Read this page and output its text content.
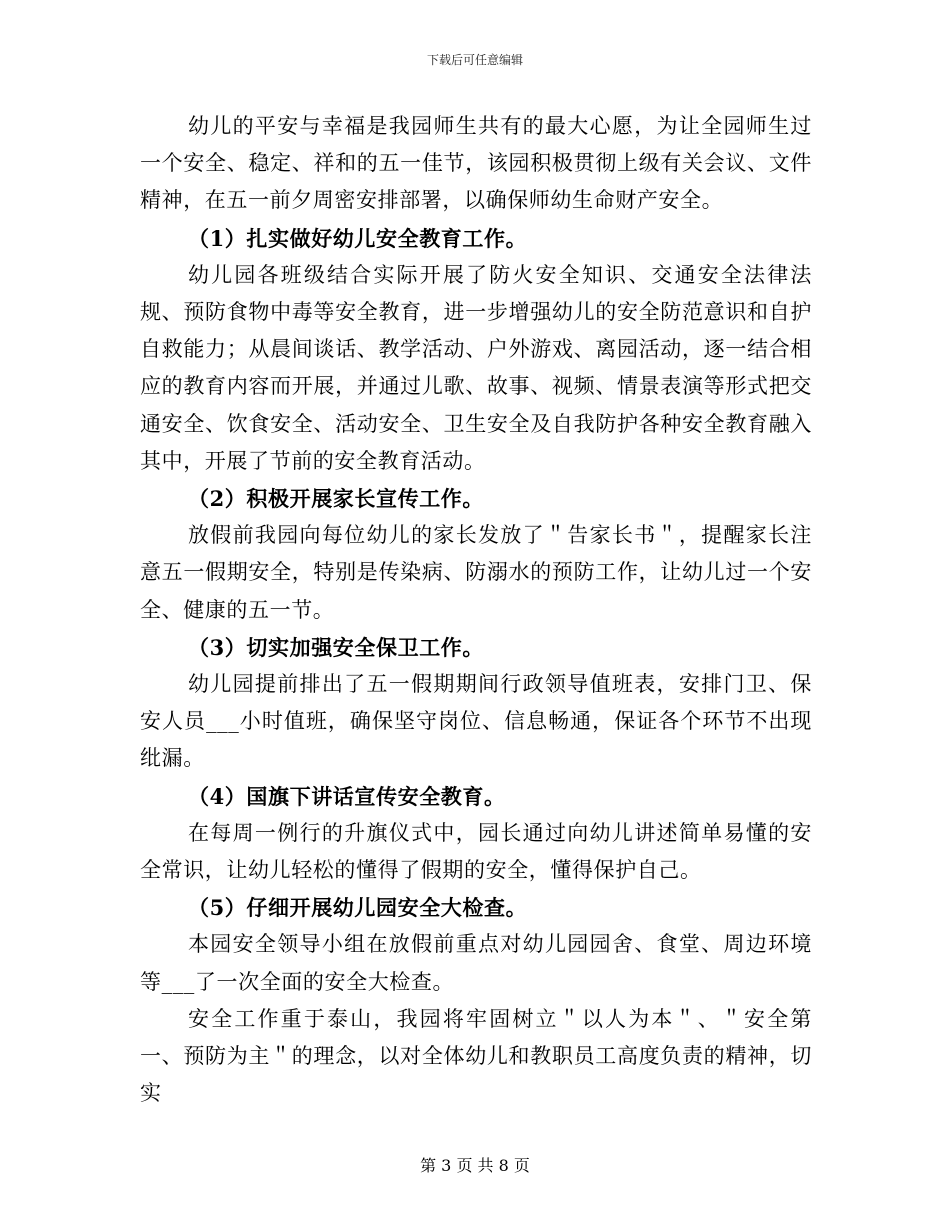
下载后可任意编辑

幼儿的平安与幸福是我园师生共有的最大心愿，为让全园师生过一个安全、稳定、祥和的五一佳节，该园积极贯彻上级有关会议、文件精神，在五一前夕周密安排部署，以确保师幼生命财产安全。

（1）扎实做好幼儿安全教育工作。

幼儿园各班级结合实际开展了防火安全知识、交通安全法律法规、预防食物中毒等安全教育，进一步增强幼儿的安全防范意识和自护自救能力；从晨间谈话、教学活动、户外游戏、离园活动，逐一结合相应的教育内容而开展，并通过儿歌、故事、视频、情景表演等形式把交通安全、饮食安全、活动安全、卫生安全及自我防护各种安全教育融入其中，开展了节前的安全教育活动。

（2）积极开展家长宣传工作。

放假前我园向每位幼儿的家长发放了＂告家长书＂，提醒家长注意五一假期安全，特别是传染病、防溺水的预防工作，让幼儿过一个安全、健康的五一节。

（3）切实加强安全保卫工作。

幼儿园提前排出了五一假期期间行政领导值班表，安排门卫、保安人员___小时值班，确保坚守岗位、信息畅通，保证各个环节不出现纰漏。

（4）国旗下讲话宣传安全教育。

在每周一例行的升旗仪式中，园长通过向幼儿讲述简单易懂的安全常识，让幼儿轻松的懂得了假期的安全，懂得保护自己。

（5）仔细开展幼儿园安全大检查。

本园安全领导小组在放假前重点对幼儿园园舍、食堂、周边环境等___了一次全面的安全大检查。

安全工作重于泰山，我园将牢固树立＂以人为本＂、＂安全第一、预防为主＂的理念，以对全体幼儿和教职员工高度负责的精神，切实

第 3 页 共 8 页
